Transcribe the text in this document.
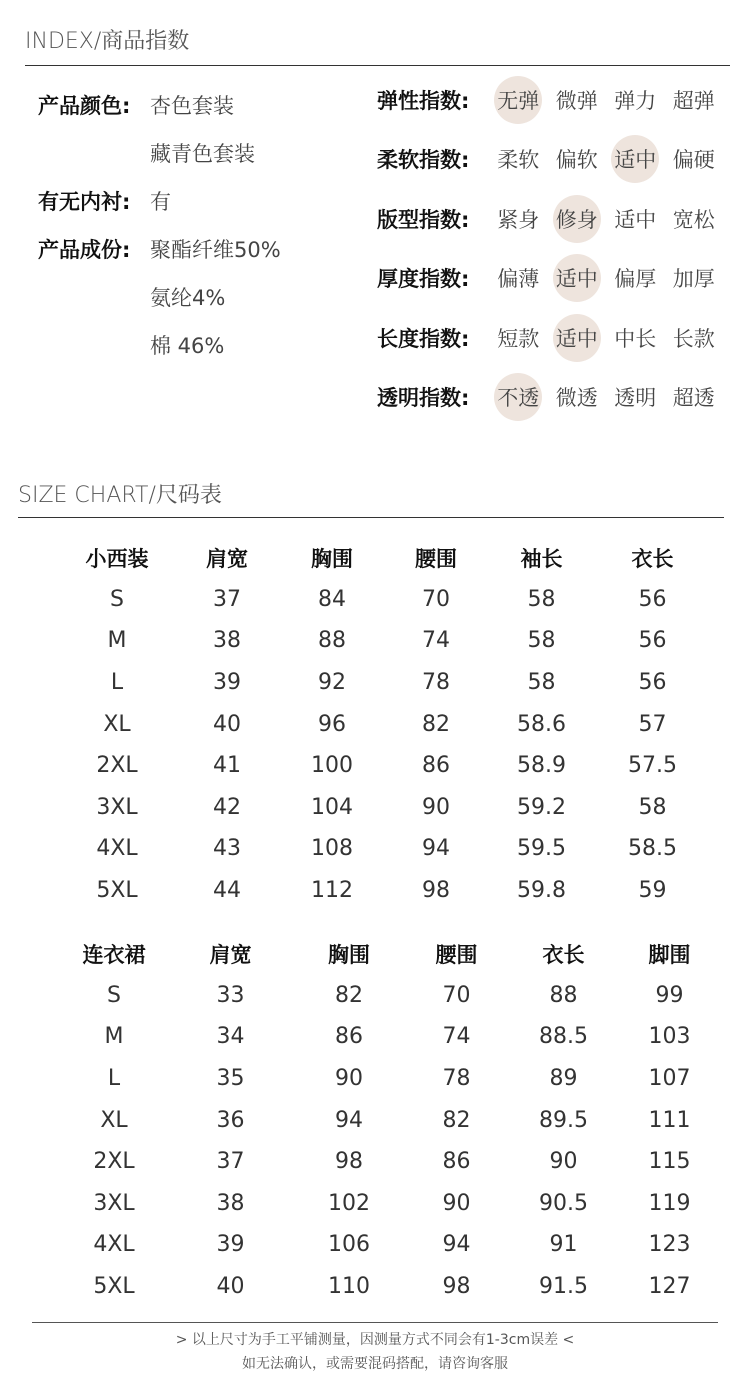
INDEX/商品指数
产品颜色: 杏色套装
藏青色套装
有无内衬: 有
产品成份: 聚酯纤维50%
氨纶4%
棉 46%
弹性指数:	无弹 微弹 弹力 超弹
柔软指数:	柔软 偏软 适中 偏硬
版型指数:	紧身 修身 适中 宽松
厚度指数:	偏薄 适中 偏厚 加厚
长度指数:	短款 适中 中长 长款
透明指数:	不透 微透 透明 超透
SIZE CHART/尺码表
小西装	肩宽	胸围	腰围	袖长	衣长
S	37	84	70	58	56
M	38	88	74	58	56
L	39	92	78	58	56
XL	40	96	82	58.6	57
2XL	41	100	86	58.9	57.5
3XL	42	104	90	59.2	58
4XL	43	108	94	59.5	58.5
5XL	44	112	98	59.8	59
连衣裙	肩宽	胸围	腰围	衣长	脚围
S	33	82	70	88	99
M	34	86	74	88.5	103
L	35	90	78	89	107
XL	36	94	82	89.5	111
2XL	37	98	86	90	115
3XL	38	102	90	90.5	119
4XL	39	106	94	91	123
5XL	40	110	98	91.5	127
> 以上尺寸为手工平铺测量，因测量方式不同会有1-3cm误差 <
如无法确认，或需要混码搭配，请咨询客服
